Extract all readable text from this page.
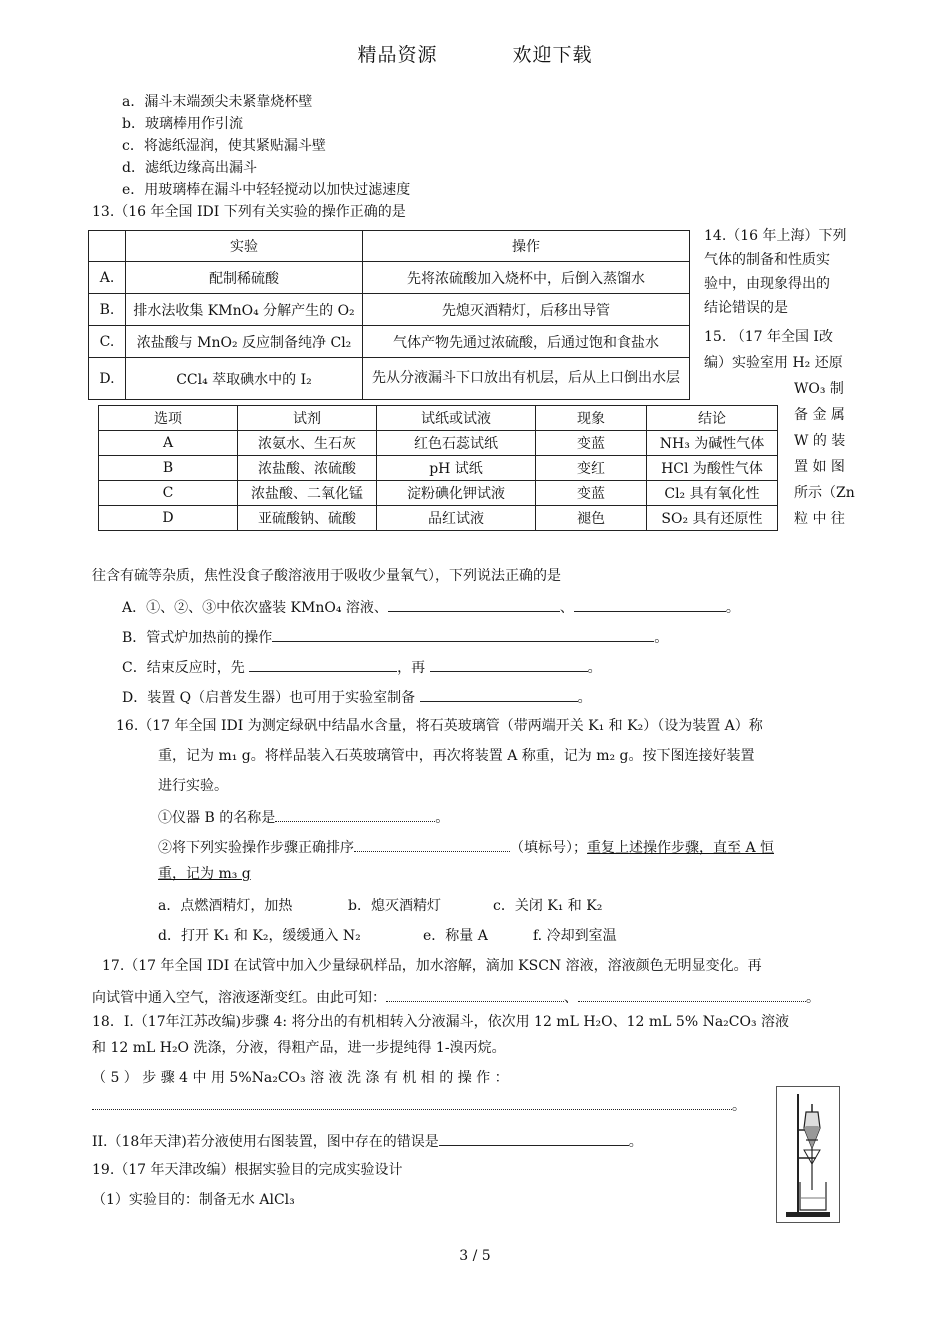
精品资源	欢迎下载
a．漏斗末端颈尖未紧靠烧杯壁
b．玻璃棒用作引流
c．将滤纸湿润，使其紧贴漏斗壁
d．滤纸边缘高出漏斗
e．用玻璃棒在漏斗中轻轻搅动以加快过滤速度
13.（16 年全国 IDI 下列有关实验的操作正确的是
	实验	操作
A.	配制稀硫酸	先将浓硫酸加入烧杯中，后倒入蒸馏水
B.	排水法收集 KMnO₄ 分解产生的 O₂	先熄灭酒精灯，后移出导管
C.	浓盐酸与 MnO₂ 反应制备纯净 Cl₂	气体产物先通过浓硫酸，后通过饱和食盐水
D.	CCl₄ 萃取碘水中的 I₂	先从分液漏斗下口放出有机层，后从上口倒出水层
14.（16 年上海）下列
气体的制备和性质实
验中，由现象得出的
结论错误的是
15. （17 年全国 I改
编）实验室用 H₂ 还原
WO₃ 制
备 金 属
W 的 装
置 如 图
所示（Zn
粒 中 往
选项	试剂	试纸或试液	现象	结论
A	浓氨水、生石灰	红色石蕊试纸	变蓝	NH₃ 为碱性气体
B	浓盐酸、浓硫酸	pH 试纸	变红	HCl 为酸性气体
C	浓盐酸、二氧化锰	淀粉碘化钾试液	变蓝	Cl₂ 具有氧化性
D	亚硫酸钠、硫酸	品红试液	褪色	SO₂ 具有还原性
往含有硫等杂质，焦性没食子酸溶液用于吸收少量氧气），下列说法正确的是
A．①、②、③中依次盛装 KMnO₄ 溶液、	、	。
B．管式炉加热前的操作	。
C．结束反应时，先	，再	。
D．装置 Q（启普发生器）也可用于实验室制备	。
16.（17 年全国 IDI 为测定绿矾中结晶水含量，将石英玻璃管（带两端开关 K₁ 和 K₂）（设为装置 A）称
重，记为 m₁ g。将样品装入石英玻璃管中，再次将装置 A 称重，记为 m₂ g。按下图连接好装置
进行实验。
①仪器 B 的名称是	。
②将下列实验操作步骤正确排序	（填标号）；重复上述操作步骤，直至 A 恒
重，记为 m₃ g
a．点燃酒精灯，加热	b．熄灭酒精灯	c．关闭 K₁ 和 K₂
d．打开 K₁ 和 K₂，缓缓通入 N₂	e．称量 A	f. 冷却到室温
17.（17 年全国 IDI 在试管中加入少量绿矾样品，加水溶解，滴加 KSCN 溶液，溶液颜色无明显变化。再
向试管中通入空气，溶液逐渐变红。由此可知：	、	。
18．I.（17年江苏改编)步骤 4: 将分出的有机相转入分液漏斗，依次用 12 mL H₂O、12 mL 5% Na₂CO₃ 溶液
和 12 mL H₂O 洗涤，分液，得粗产品，进一步提纯得 1-溴丙烷。
（ 5 ） 步 骤 4 中 用 5%Na₂CO₃ 溶 液 洗 涤 有 机 相 的 操 作 ：
。
II.（18年天津)若分液使用右图装置，图中存在的错误是	。
19.（17 年天津改编）根据实验目的完成实验设计
（1）实验目的：制备无水 AlCl₃
3 / 5
